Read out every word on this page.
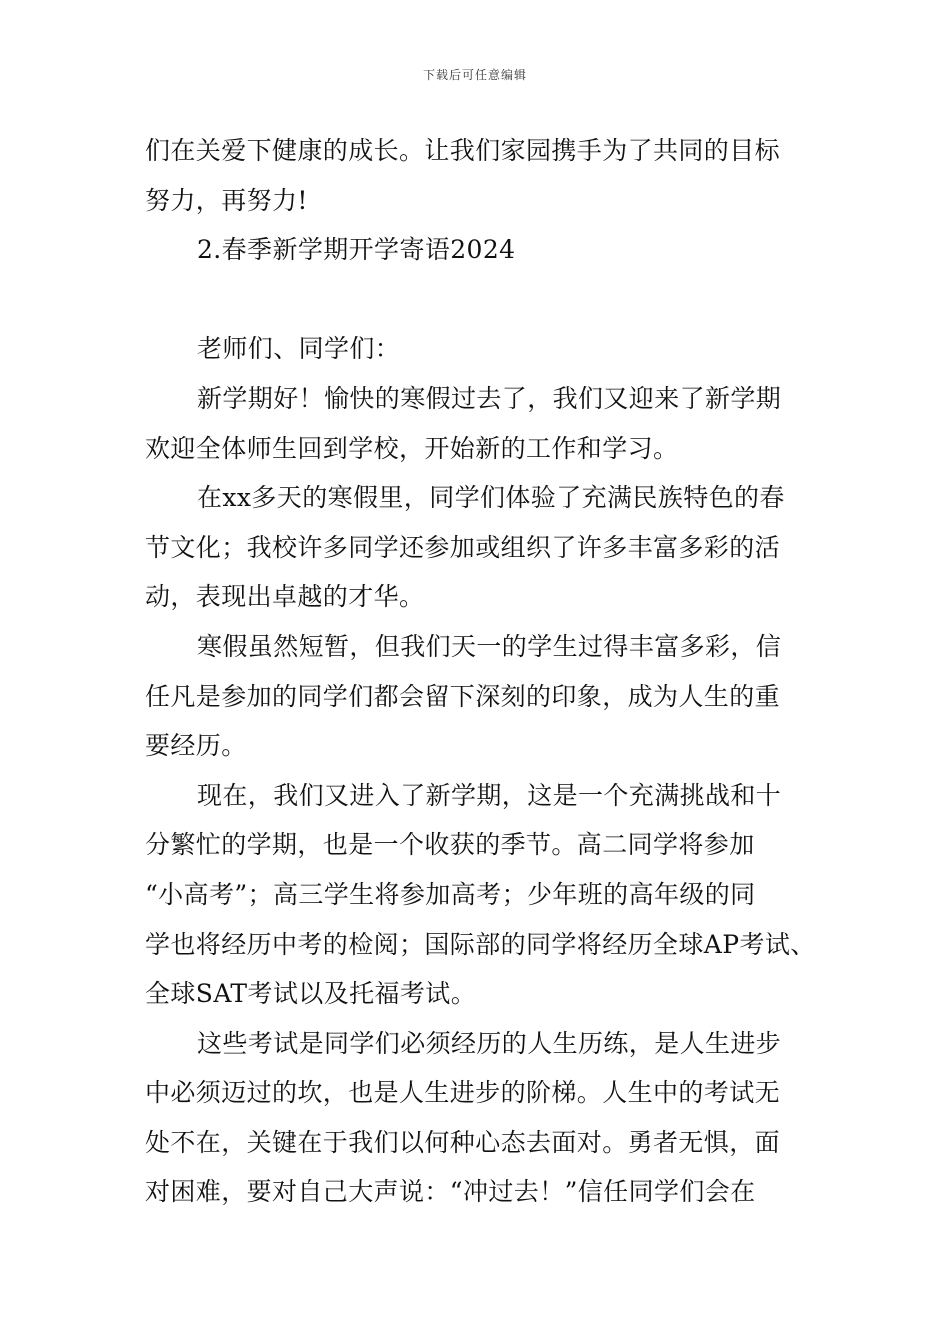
下载后可任意编辑
们在关爱下健康的成长。让我们家园携手为了共同的目标
努力，再努力!
2.春季新学期开学寄语2024
老师们、同学们：
新学期好！愉快的寒假过去了，我们又迎来了新学期
欢迎全体师生回到学校，开始新的工作和学习。
在xx多天的寒假里，同学们体验了充满民族特色的春
节文化；我校许多同学还参加或组织了许多丰富多彩的活
动，表现出卓越的才华。
寒假虽然短暂，但我们天一的学生过得丰富多彩，信
任凡是参加的同学们都会留下深刻的印象，成为人生的重
要经历。
现在，我们又进入了新学期，这是一个充满挑战和十
分繁忙的学期，也是一个收获的季节。高二同学将参加
“小高考”；高三学生将参加高考；少年班的高年级的同
学也将经历中考的检阅；国际部的同学将经历全球AP考试、
全球SAT考试以及托福考试。
这些考试是同学们必须经历的人生历练，是人生进步
中必须迈过的坎，也是人生进步的阶梯。人生中的考试无
处不在，关键在于我们以何种心态去面对。勇者无惧，面
对困难，要对自己大声说：“冲过去！”信任同学们会在
